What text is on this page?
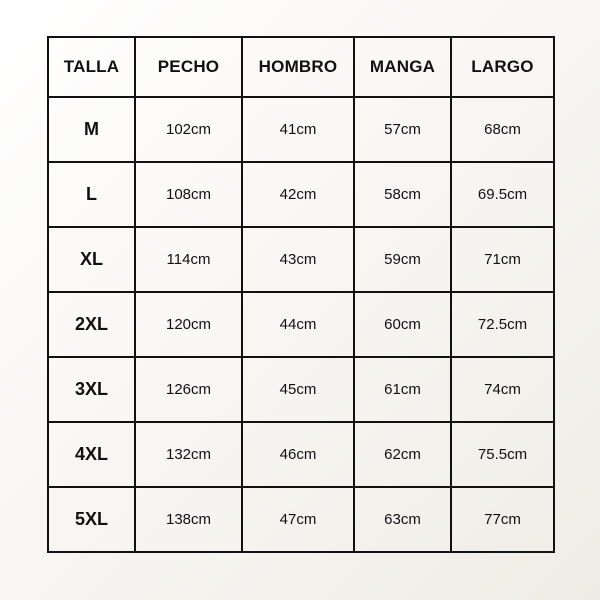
TALLA	PECHO	HOMBRO	MANGA	LARGO
M	102cm	41cm	57cm	68cm
L	108cm	42cm	58cm	69.5cm
XL	114cm	43cm	59cm	71cm
2XL	120cm	44cm	60cm	72.5cm
3XL	126cm	45cm	61cm	74cm
4XL	132cm	46cm	62cm	75.5cm
5XL	138cm	47cm	63cm	77cm
